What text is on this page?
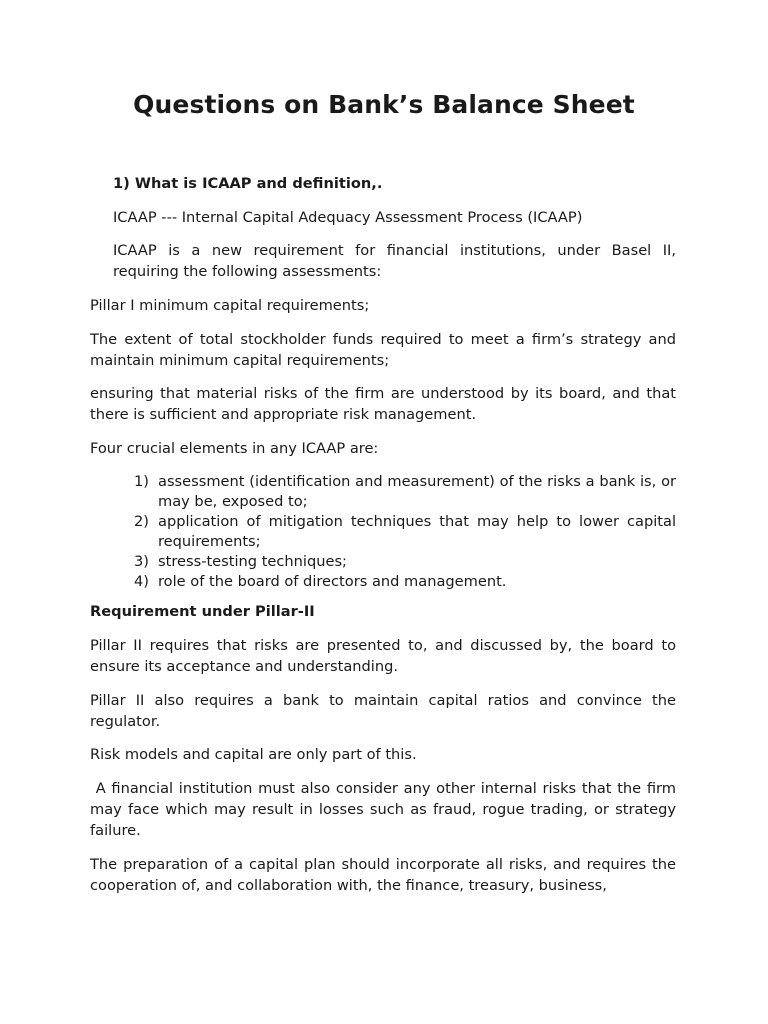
Questions on Bank’s Balance Sheet

1) What is ICAAP and definition,.

ICAAP --- Internal Capital Adequacy Assessment Process (ICAAP)

ICAAP is a new requirement for financial institutions, under Basel II, requiring the following assessments:

Pillar I minimum capital requirements;

The extent of total stockholder funds required to meet a firm’s strategy and maintain minimum capital requirements;

ensuring that material risks of the firm are understood by its board, and that there is sufficient and appropriate risk management.

Four crucial elements in any ICAAP are:

1) assessment (identification and measurement) of the risks a bank is, or may be, exposed to;
2) application of mitigation techniques that may help to lower capital requirements;
3) stress-testing techniques;
4) role of the board of directors and management.

Requirement under Pillar-II

Pillar II requires that risks are presented to, and discussed by, the board to ensure its acceptance and understanding.

Pillar II also requires a bank to maintain capital ratios and convince the regulator.

Risk models and capital are only part of this.

A financial institution must also consider any other internal risks that the firm may face which may result in losses such as fraud, rogue trading, or strategy failure.

The preparation of a capital plan should incorporate all risks, and requires the cooperation of, and collaboration with, the finance, treasury, business,
